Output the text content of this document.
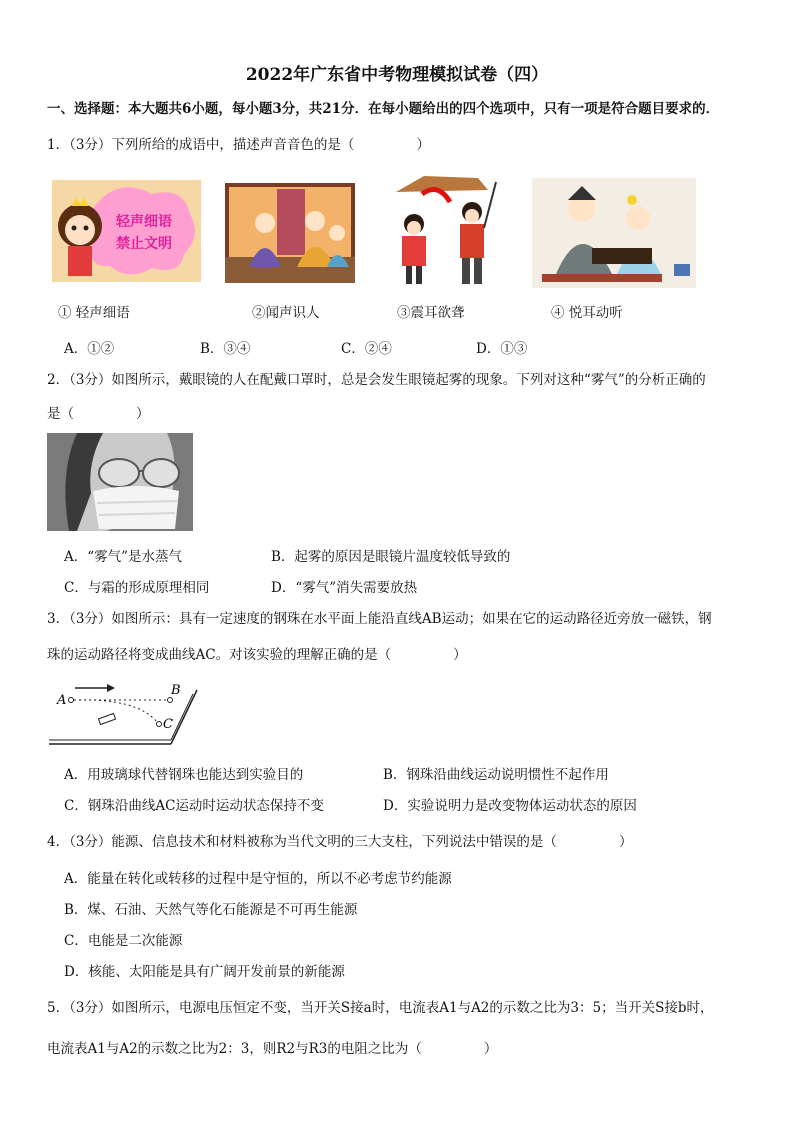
2022年广东省中考物理模拟试卷（四）
一、选择题：本大题共6小题，每小题3分，共21分．在每小题给出的四个选项中，只有一项是符合题目要求的．
1．（3分）下列所给的成语中，描述声音音色的是（	）
轻声细语
禁止文明
① 轻声细语	②闻声识人	③震耳欲聋	④ 悦耳动听
A．①②	B．③④	C．②④	D．①③
2．（3分）如图所示，戴眼镜的人在配戴口罩时，总是会发生眼镜起雾的现象。下列对这种“雾气”的分析正确的
是（	）
A．“雾气”是水蒸气	B．起雾的原因是眼镜片温度较低导致的
C．与霜的形成原理相同	D．“雾气”消失需要放热
3．（3分）如图所示：具有一定速度的钢珠在水平面上能沿直线AB运动；如果在它的运动路径近旁放一磁铁，钢
珠的运动路径将变成曲线AC。对该实验的理解正确的是（	）
A
B
C
A．用玻璃球代替钢珠也能达到实验目的	B．钢珠沿曲线运动说明惯性不起作用
C．钢珠沿曲线AC运动时运动状态保持不变	D．实验说明力是改变物体运动状态的原因
4．（3分）能源、信息技术和材料被称为当代文明的三大支柱，下列说法中错误的是（	）
A．能量在转化或转移的过程中是守恒的，所以不必考虑节约能源
B．煤、石油、天然气等化石能源是不可再生能源
C．电能是二次能源
D．核能、太阳能是具有广阔开发前景的新能源
5．（3分）如图所示，电源电压恒定不变，当开关S接a时，电流表A1与A2的示数之比为3：5；当开关S接b时，
电流表A1与A2的示数之比为2：3，则R2与R3的电阻之比为（	）
